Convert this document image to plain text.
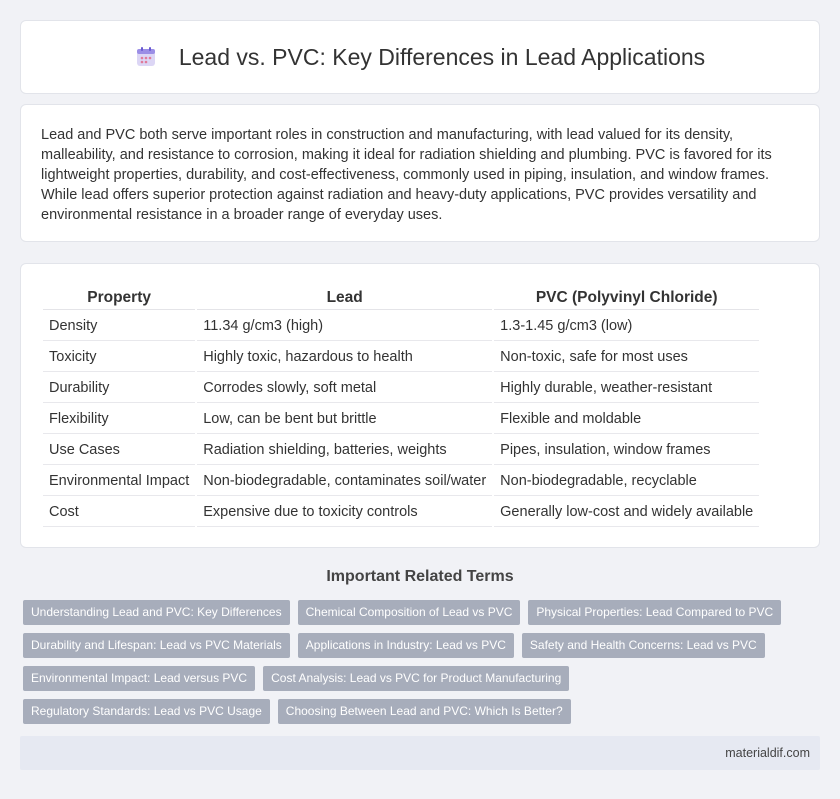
Lead vs. PVC: Key Differences in Lead Applications

Lead and PVC both serve important roles in construction and manufacturing, with lead valued for its density, malleability, and resistance to corrosion, making it ideal for radiation shielding and plumbing. PVC is favored for its lightweight properties, durability, and cost-effectiveness, commonly used in piping, insulation, and window frames. While lead offers superior protection against radiation and heavy-duty applications, PVC provides versatility and environmental resistance in a broader range of everyday uses.

Property	Lead	PVC (Polyvinyl Chloride)
Density	11.34 g/cm3 (high)	1.3-1.45 g/cm3 (low)
Toxicity	Highly toxic, hazardous to health	Non-toxic, safe for most uses
Durability	Corrodes slowly, soft metal	Highly durable, weather-resistant
Flexibility	Low, can be bent but brittle	Flexible and moldable
Use Cases	Radiation shielding, batteries, weights	Pipes, insulation, window frames
Environmental Impact	Non-biodegradable, contaminates soil/water	Non-biodegradable, recyclable
Cost	Expensive due to toxicity controls	Generally low-cost and widely available
Important Related Terms
Understanding Lead and PVC: Key Differences	Chemical Composition of Lead vs PVC	Physical Properties: Lead Compared to PVC
Durability and Lifespan: Lead vs PVC Materials	Applications in Industry: Lead vs PVC	Safety and Health Concerns: Lead vs PVC
Environmental Impact: Lead versus PVC	Cost Analysis: Lead vs PVC for Product Manufacturing
Regulatory Standards: Lead vs PVC Usage	Choosing Between Lead and PVC: Which Is Better?
materialdif.com
